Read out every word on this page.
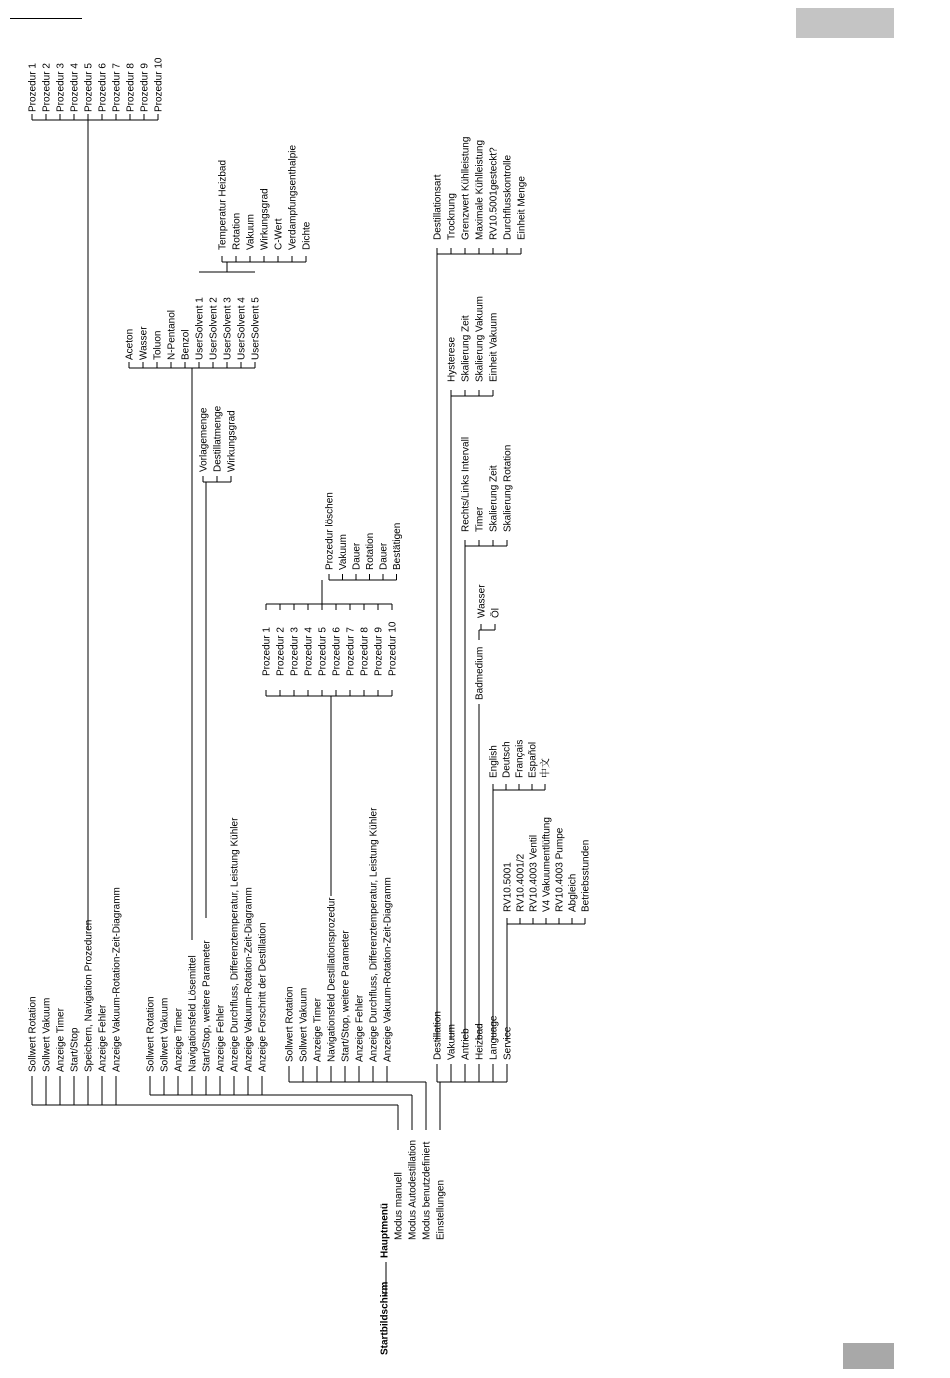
Startbildschirm
Hauptmenü Modus manuell Modus Autodestillation Modus benutzdefiniert Einstellungen
Sollwert Rotation Sollwert Vakuum Anzeige Timer Start/Stop Speichern, Navigation Prozeduren Anzeige Fehler Anzeige Vakuum-Rotation-Zeit-Diagramm
Prozedur 1 Prozedur 2 Prozedur 3 Prozedur 4 Prozedur 5 Prozedur 6 Prozedur 7 Prozedur 8 Prozedur 9 Prozedur 10
Sollwert Rotation Sollwert Vakuum Anzeige Timer Navigationsfeld Lösemittel Start/Stop, weitere Parameter Anzeige Fehler Anzeige Durchfluss, Differenztemperatur, Leistung Kühler Anzeige Vakuum-Rotation-Zeit-Diagramm Anzeige Forschritt der Destillation
Aceton Wasser Toluon N-Pentanol Benzol UserSolvent 1 UserSolvent 2 UserSolvent 3 UserSolvent 4 UserSolvent 5
Temperatur Heizbad Rotation Vakuum Wirkungsgrad C-Wert Verdampfungsenthalpie Dichte
Vorlagemenge Destillatmenge Wirkungsgrad
Sollwert Rotation Sollwert Vakuum Anzeige Timer Navigationsfeld Destillationsprozedur Start/Stop, weitere Parameter Anzeige Fehler Anzeige Durchfluss, Differenztemperatur, Leistung Kühler Anzeige Vakuum-Rotation-Zeit-Diagramm
Prozedur 1 Prozedur 2 Prozedur 3 Prozedur 4 Prozedur 5 Prozedur 6 Prozedur 7 Prozedur 8 Prozedur 9 Prozedur 10
Prozedur löschen Vakuum Dauer Rotation Dauer Bestätigen
Destillation Vakuum Antrieb Heizbad Language Service
Destillationsart Trocknung Grenzwert Kühlleistung Maximale Kühlleistung RV10.5001gesteckt? Durchflusskontrolle Einheit Menge
Hysterese Skalierung Zeit Skalierung Vakuum Einheit Vakuum
Rechts/Links Intervall Timer Skalierung Zeit Skalierung Rotation
Badmedium
Wasser Öl
English Deutsch Français Español 中文
RV10.5001 RV10.4001/2 RV10.4003 Ventil V4 Vakuumentlüftung RV10.4003 Pumpe Abgleich Betriebsstunden
